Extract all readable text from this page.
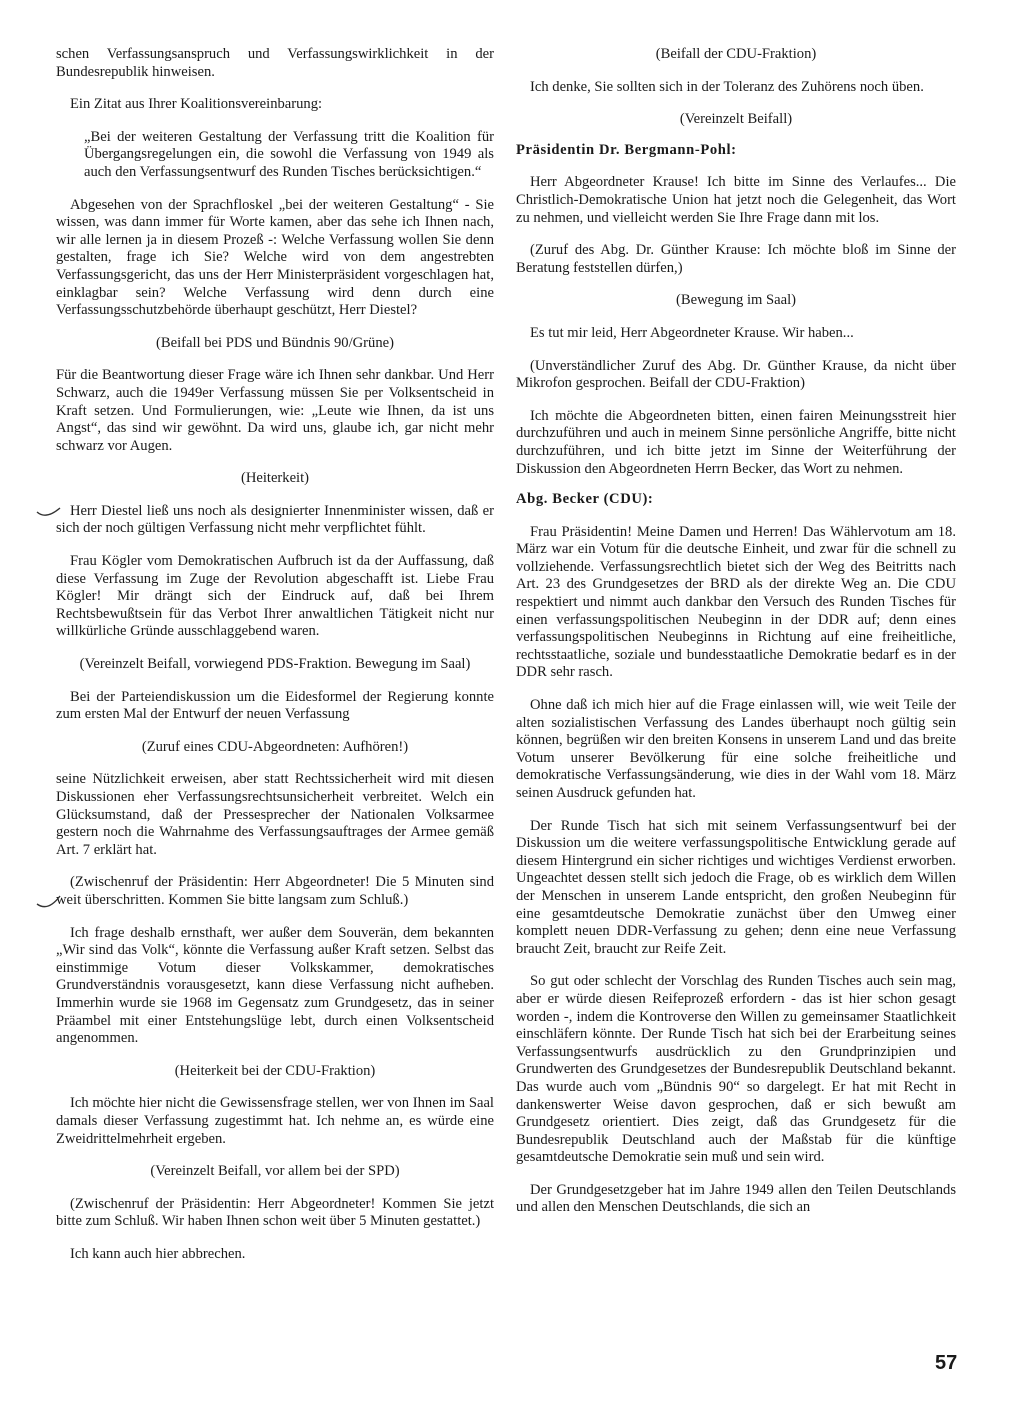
schen Verfassungsanspruch und Verfassungswirklichkeit in der Bundesrepublik hinweisen.

Ein Zitat aus Ihrer Koalitionsvereinbarung:

„Bei der weiteren Gestaltung der Verfassung tritt die Koalition für Übergangsregelungen ein, die sowohl die Verfassung von 1949 als auch den Verfassungsentwurf des Runden Tisches berücksichtigen.“

Abgesehen von der Sprachfloskel „bei der weiteren Gestaltung“ - Sie wissen, was dann immer für Worte kamen, aber das sehe ich Ihnen nach, wir alle lernen ja in diesem Prozeß -: Welche Verfassung wollen Sie denn gestalten, frage ich Sie? Welche wird von dem angestrebten Verfassungsgericht, das uns der Herr Ministerpräsident vorgeschlagen hat, einklagbar sein? Welche Verfassung wird denn durch eine Verfassungsschutzbehörde überhaupt geschützt, Herr Diestel?

(Beifall bei PDS und Bündnis 90/Grüne)

Für die Beantwortung dieser Frage wäre ich Ihnen sehr dankbar. Und Herr Schwarz, auch die 1949er Verfassung müssen Sie per Volksentscheid in Kraft setzen. Und Formulierungen, wie: „Leute wie Ihnen, da ist uns Angst“, das sind wir gewöhnt. Da wird uns, glaube ich, gar nicht mehr schwarz vor Augen.

(Heiterkeit)

Herr Diestel ließ uns noch als designierter Innenminister wissen, daß er sich der noch gültigen Verfassung nicht mehr verpflichtet fühlt.

Frau Kögler vom Demokratischen Aufbruch ist da der Auffassung, daß diese Verfassung im Zuge der Revolution abgeschafft ist. Liebe Frau Kögler! Mir drängt sich der Eindruck auf, daß bei Ihrem Rechtsbewußtsein für das Verbot Ihrer anwaltlichen Tätigkeit nicht nur willkürliche Gründe ausschlaggebend waren.

(Vereinzelt Beifall, vorwiegend PDS-Fraktion. Bewegung im Saal)

Bei der Parteiendiskussion um die Eidesformel der Regierung konnte zum ersten Mal der Entwurf der neuen Verfassung

(Zuruf eines CDU-Abgeordneten: Aufhören!)

seine Nützlichkeit erweisen, aber statt Rechtssicherheit wird mit diesen Diskussionen eher Verfassungsrechtsunsicherheit verbreitet. Welch ein Glücksumstand, daß der Pressesprecher der Nationalen Volksarmee gestern noch die Wahrnahme des Verfassungsauftrages der Armee gemäß Art. 7 erklärt hat.

(Zwischenruf der Präsidentin: Herr Abgeordneter! Die 5 Minuten sind weit überschritten. Kommen Sie bitte langsam zum Schluß.)

Ich frage deshalb ernsthaft, wer außer dem Souverän, dem bekannten „Wir sind das Volk“, könnte die Verfassung außer Kraft setzen. Selbst das einstimmige Votum dieser Volkskammer, demokratisches Grundverständnis vorausgesetzt, kann diese Verfassung nicht aufheben. Immerhin wurde sie 1968 im Gegensatz zum Grundgesetz, das in seiner Präambel mit einer Entstehungslüge lebt, durch einen Volksentscheid angenommen.

(Heiterkeit bei der CDU-Fraktion)

Ich möchte hier nicht die Gewissensfrage stellen, wer von Ihnen im Saal damals dieser Verfassung zugestimmt hat. Ich nehme an, es würde eine Zweidrittelmehrheit ergeben.

(Vereinzelt Beifall, vor allem bei der SPD)

(Zwischenruf der Präsidentin: Herr Abgeordneter! Kommen Sie jetzt bitte zum Schluß. Wir haben Ihnen schon weit über 5 Minuten gestattet.)

Ich kann auch hier abbrechen.

(Beifall der CDU-Fraktion)

Ich denke, Sie sollten sich in der Toleranz des Zuhörens noch üben.

(Vereinzelt Beifall)

Präsidentin Dr. Bergmann-Pohl:

Herr Abgeordneter Krause! Ich bitte im Sinne des Verlaufes... Die Christlich-Demokratische Union hat jetzt noch die Gelegenheit, das Wort zu nehmen, und vielleicht werden Sie Ihre Frage dann mit los.

(Zuruf des Abg. Dr. Günther Krause: Ich möchte bloß im Sinne der Beratung feststellen dürfen,)

(Bewegung im Saal)

Es tut mir leid, Herr Abgeordneter Krause. Wir haben...

(Unverständlicher Zuruf des Abg. Dr. Günther Krause, da nicht über Mikrofon gesprochen. Beifall der CDU-Fraktion)

Ich möchte die Abgeordneten bitten, einen fairen Meinungsstreit hier durchzuführen und auch in meinem Sinne persönliche Angriffe, bitte nicht durchzuführen, und ich bitte jetzt im Sinne der Weiterführung der Diskussion den Abgeordneten Herrn Becker, das Wort zu nehmen.

Abg. Becker (CDU):

Frau Präsidentin! Meine Damen und Herren! Das Wählervotum am 18. März war ein Votum für die deutsche Einheit, und zwar für die schnell zu vollziehende. Verfassungsrechtlich bietet sich der Weg des Beitritts nach Art. 23 des Grundgesetzes der BRD als der direkte Weg an. Die CDU respektiert und nimmt auch dankbar den Versuch des Runden Tisches für einen verfassungspolitischen Neubeginn in der DDR auf; denn eines verfassungspolitischen Neubeginns in Richtung auf eine freiheitliche, rechtsstaatliche, soziale und bundesstaatliche Demokratie bedarf es in der DDR sehr rasch.

Ohne daß ich mich hier auf die Frage einlassen will, wie weit Teile der alten sozialistischen Verfassung des Landes überhaupt noch gültig sein können, begrüßen wir den breiten Konsens in unserem Land und das breite Votum unserer Bevölkerung für eine solche freiheitliche und demokratische Verfassungsänderung, wie dies in der Wahl vom 18. März seinen Ausdruck gefunden hat.

Der Runde Tisch hat sich mit seinem Verfassungsentwurf bei der Diskussion um die weitere verfassungspolitische Entwicklung gerade auf diesem Hintergrund ein sicher richtiges und wichtiges Verdienst erworben. Ungeachtet dessen stellt sich jedoch die Frage, ob es wirklich dem Willen der Menschen in unserem Lande entspricht, den großen Neubeginn für eine gesamtdeutsche Demokratie zunächst über den Umweg einer komplett neuen DDR-Verfassung zu gehen; denn eine neue Verfassung braucht Zeit, braucht zur Reife Zeit.

So gut oder schlecht der Vorschlag des Runden Tisches auch sein mag, aber er würde diesen Reifeprozeß erfordern - das ist hier schon gesagt worden -, indem die Kontroverse den Willen zu gemeinsamer Staatlichkeit einschläfern könnte. Der Runde Tisch hat sich bei der Erarbeitung seines Verfassungsentwurfs ausdrücklich zu den Grundprinzipien und Grundwerten des Grundgesetzes der Bundesrepublik Deutschland bekannt. Das wurde auch vom „Bündnis 90“ so dargelegt. Er hat mit Recht in dankenswerter Weise davon gesprochen, daß er sich bewußt am Grundgesetz orientiert. Dies zeigt, daß das Grundgesetz für die Bundesrepublik Deutschland auch der Maßstab für die künftige gesamtdeutsche Demokratie sein muß und sein wird.

Der Grundgesetzgeber hat im Jahre 1949 allen den Teilen Deutschlands und allen den Menschen Deutschlands, die sich an

57
